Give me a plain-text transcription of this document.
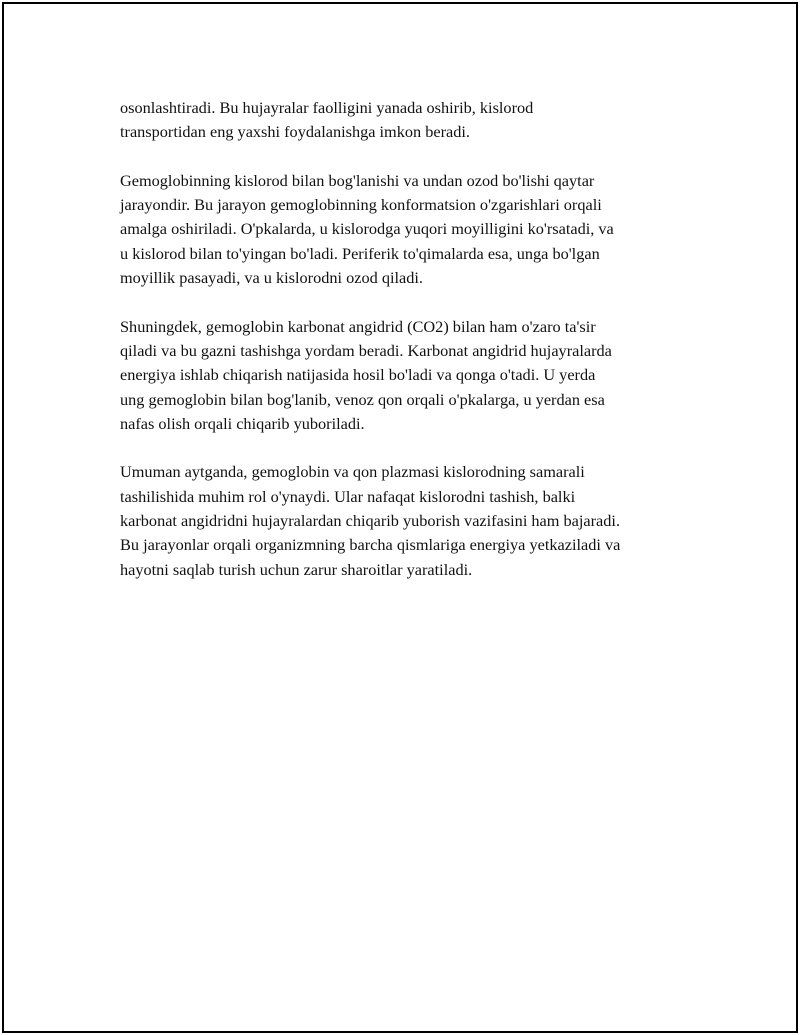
osonlashtiradi. Bu hujayralar faolligini yanada oshirib, kislorod
transportidan eng yaxshi foydalanishga imkon beradi.

Gemoglobinning kislorod bilan bog'lanishi va undan ozod bo'lishi qaytar
jarayondir. Bu jarayon gemoglobinning konformatsion o'zgarishlari orqali
amalga oshiriladi. O'pkalarda, u kislorodga yuqori moyilligini ko'rsatadi, va
u kislorod bilan to'yingan bo'ladi. Periferik to'qimalarda esa, unga bo'lgan
moyillik pasayadi, va u kislorodni ozod qiladi.

Shuningdek, gemoglobin karbonat angidrid (CO2) bilan ham o'zaro ta'sir
qiladi va bu gazni tashishga yordam beradi. Karbonat angidrid hujayralarda
energiya ishlab chiqarish natijasida hosil bo'ladi va qonga o'tadi. U yerda
ung gemoglobin bilan bog'lanib, venoz qon orqali o'pkalarga, u yerdan esa
nafas olish orqali chiqarib yuboriladi.

Umuman aytganda, gemoglobin va qon plazmasi kislorodning samarali
tashilishida muhim rol o'ynaydi. Ular nafaqat kislorodni tashish, balki
karbonat angidridni hujayralardan chiqarib yuborish vazifasini ham bajaradi.
Bu jarayonlar orqali organizmning barcha qismlariga energiya yetkaziladi va
hayotni saqlab turish uchun zarur sharoitlar yaratiladi.
